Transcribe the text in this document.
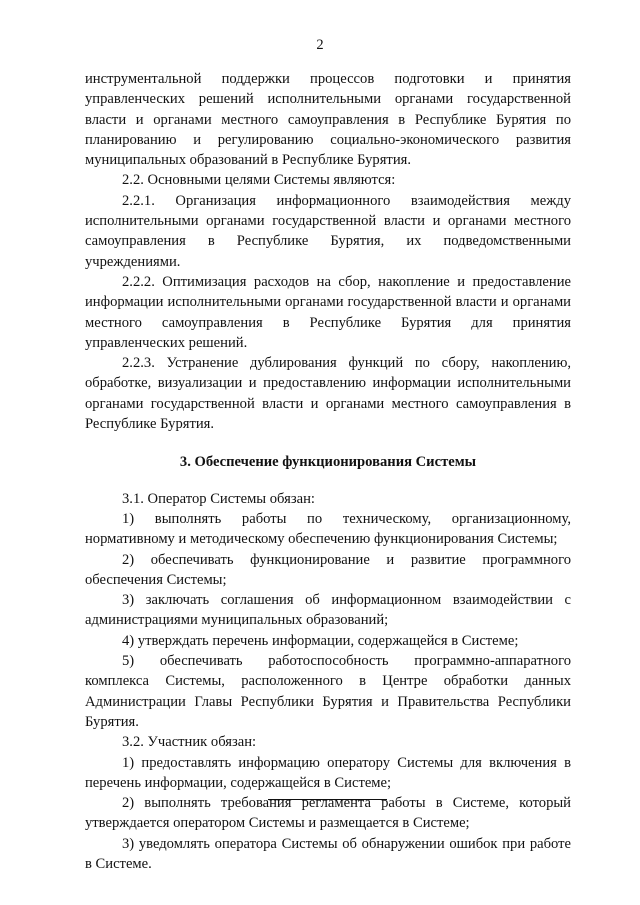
2

инструментальной поддержки процессов подготовки и принятия управленческих решений исполнительными органами государственной власти и органами местного самоуправления в Республике Бурятия по планированию и регулированию социально-экономического развития муниципальных образований в Республике Бурятия.

2.2. Основными целями Системы являются:

2.2.1. Организация информационного взаимодействия между исполнительными органами государственной власти и органами местного самоуправления в Республике Бурятия, их подведомственными учреждениями.

2.2.2. Оптимизация расходов на сбор, накопление и предоставление информации исполнительными органами государственной власти и органами местного самоуправления в Республике Бурятия для принятия управленческих решений.

2.2.3. Устранение дублирования функций по сбору, накоплению, обработке, визуализации и предоставлению информации исполнительными органами государственной власти и органами местного самоуправления в Республике Бурятия.

3. Обеспечение функционирования Системы

3.1. Оператор Системы обязан:

1) выполнять работы по техническому, организационному, нормативному и методическому обеспечению функционирования Системы;

2) обеспечивать функционирование и развитие программного обеспечения Системы;

3) заключать соглашения об информационном взаимодействии с администрациями муниципальных образований;

4) утверждать перечень информации, содержащейся в Системе;

5) обеспечивать работоспособность программно-аппаратного комплекса Системы, расположенного в Центре обработки данных Администрации Главы Республики Бурятия и Правительства Республики Бурятия.

3.2. Участник обязан:

1) предоставлять информацию оператору Системы для включения в перечень информации, содержащейся в Системе;

2) выполнять требования регламента работы в Системе, который утверждается оператором Системы и размещается в Системе;

3) уведомлять оператора Системы об обнаружении ошибок при работе в Системе.
